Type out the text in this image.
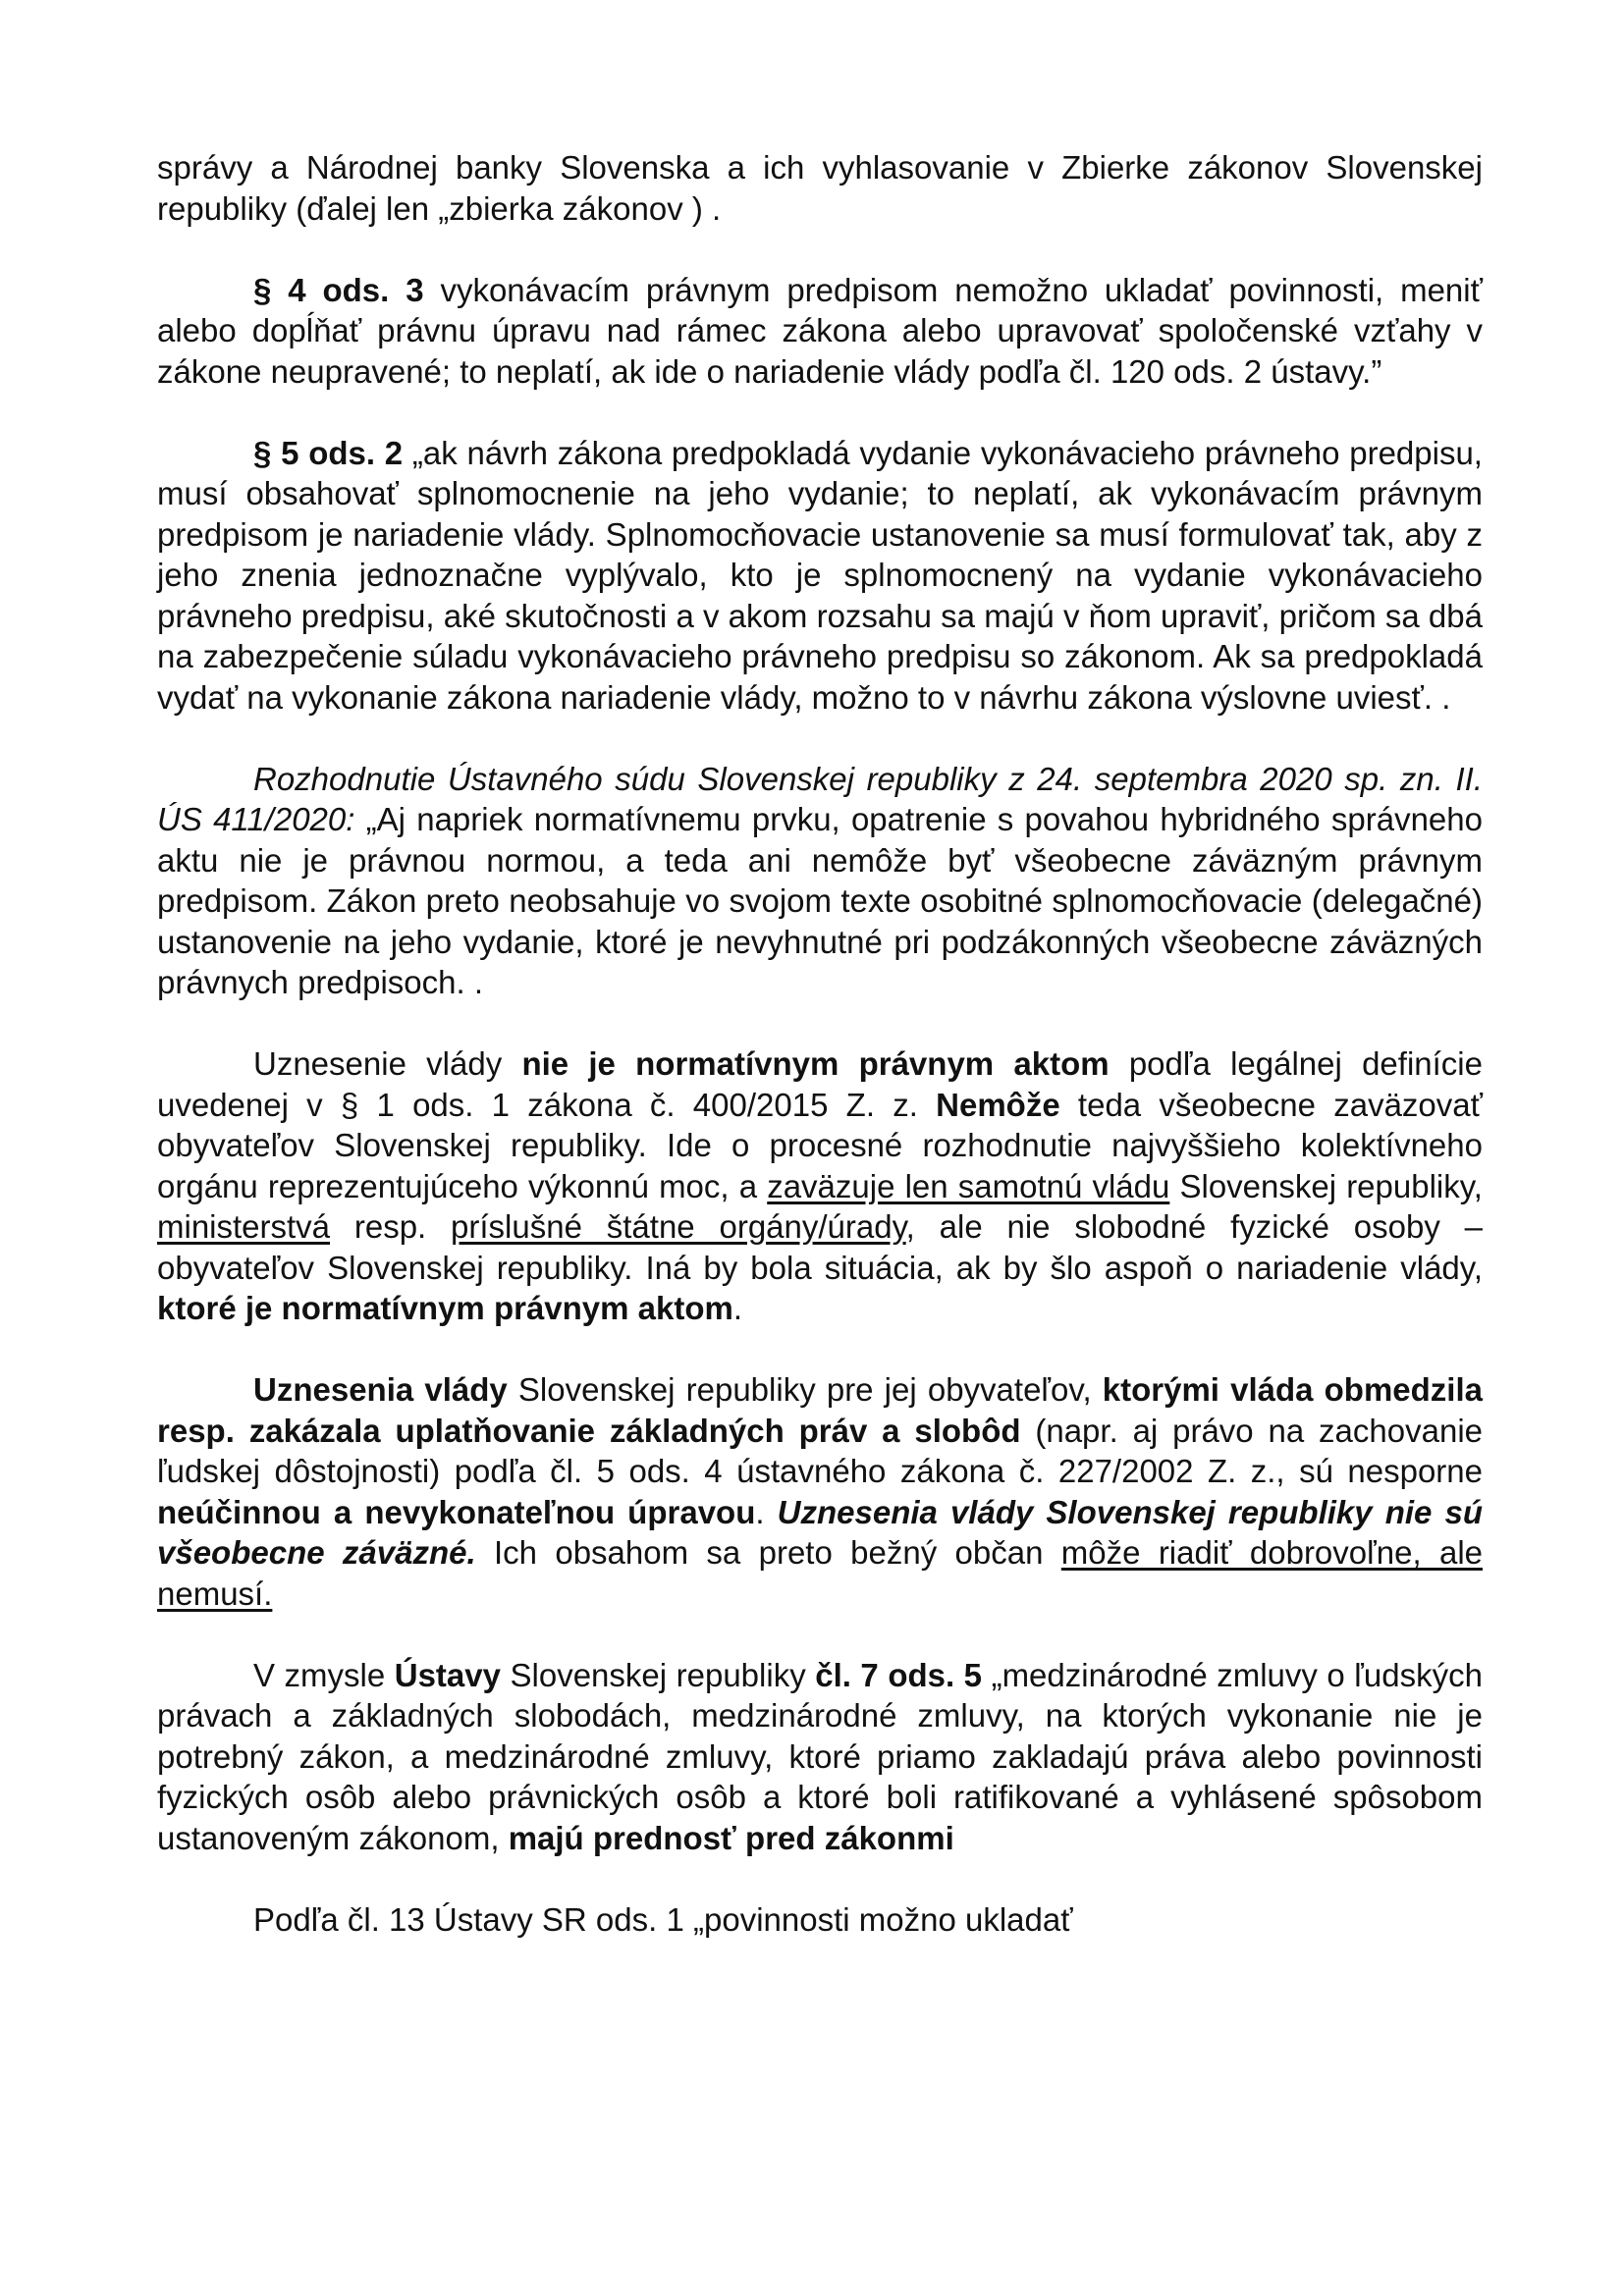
správy a Národnej banky Slovenska a ich vyhlasovanie v Zbierke zákonov Slovenskej republiky (ďalej len „zbierka zákonov ) .

§ 4 ods. 3 vykonávacím právnym predpisom nemožno ukladať povinnosti, meniť alebo dopĺňať právnu úpravu nad rámec zákona alebo upravovať spoločenské vzťahy v zákone neupravené; to neplatí, ak ide o nariadenie vlády podľa čl. 120 ods. 2 ústavy.”

§ 5 ods. 2 „ak návrh zákona predpokladá vydanie vykonávacieho právneho predpisu, musí obsahovať splnomocnenie na jeho vydanie; to neplatí, ak vykonávacím právnym predpisom je nariadenie vlády. Splnomocňovacie ustanovenie sa musí formulovať tak, aby z jeho znenia jednoznačne vyplývalo, kto je splnomocnený na vydanie vykonávacieho právneho predpisu, aké skutočnosti a v akom rozsahu sa majú v ňom upraviť, pričom sa dbá na zabezpečenie súladu vykonávacieho právneho predpisu so zákonom. Ak sa predpokladá vydať na vykonanie zákona nariadenie vlády, možno to v návrhu zákona výslovne uviesť. .

Rozhodnutie Ústavného súdu Slovenskej republiky z 24. septembra 2020 sp. zn. II. ÚS 411/2020: „Aj napriek normatívnemu prvku, opatrenie s povahou hybridného správneho aktu nie je právnou normou, a teda ani nemôže byť všeobecne záväzným právnym predpisom. Zákon preto neobsahuje vo svojom texte osobitné splnomocňovacie (delegačné) ustanovenie na jeho vydanie, ktoré je nevyhnutné pri podzákonných všeobecne záväzných právnych predpisoch. .

Uznesenie vlády nie je normatívnym právnym aktom podľa legálnej definície uvedenej v § 1 ods. 1 zákona č. 400/2015 Z. z. Nemôže teda všeobecne zaväzovať obyvateľov Slovenskej republiky. Ide o procesné rozhodnutie najvyššieho kolektívneho orgánu reprezentujúceho výkonnú moc, a zaväzuje len samotnú vládu Slovenskej republiky, ministerstvá resp. príslušné štátne orgány/úrady, ale nie slobodné fyzické osoby – obyvateľov Slovenskej republiky. Iná by bola situácia, ak by šlo aspoň o nariadenie vlády, ktoré je normatívnym právnym aktom.

Uznesenia vlády Slovenskej republiky pre jej obyvateľov, ktorými vláda obmedzila resp. zakázala uplatňovanie základných práv a slobôd (napr. aj právo na zachovanie ľudskej dôstojnosti) podľa čl. 5 ods. 4 ústavného zákona č. 227/2002 Z. z., sú nesporne neúčinnou a nevykonateľnou úpravou. Uznesenia vlády Slovenskej republiky nie sú všeobecne záväzné. Ich obsahom sa preto bežný občan môže riadiť dobrovoľne, ale nemusí.

V zmysle Ústavy Slovenskej republiky čl. 7 ods. 5 „medzinárodné zmluvy o ľudských právach a základných slobodách, medzinárodné zmluvy, na ktorých vykonanie nie je potrebný zákon, a medzinárodné zmluvy, ktoré priamo zakladajú práva alebo povinnosti fyzických osôb alebo právnických osôb a ktoré boli ratifikované a vyhlásené spôsobom ustanoveným zákonom, majú prednosť pred zákonmi

Podľa čl. 13 Ústavy SR ods. 1 „povinnosti možno ukladať
